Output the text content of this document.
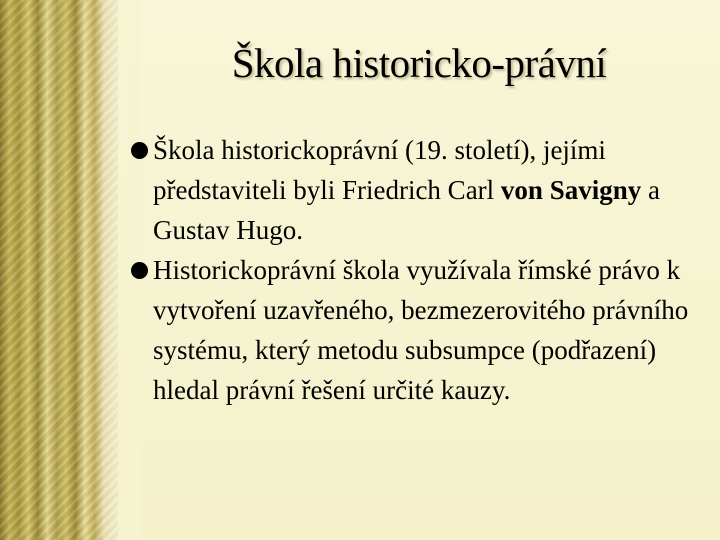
Škola historicko-právní
Škola historickoprávní (19. století), jejími představiteli byli Friedrich Carl von Savigny a Gustav Hugo.
Historickoprávní škola využívala římské právo k vytvoření uzavřeného, bezmezerovitého právního systému, který metodu subsumpce (podřazení) hledal právní řešení určité kauzy.
